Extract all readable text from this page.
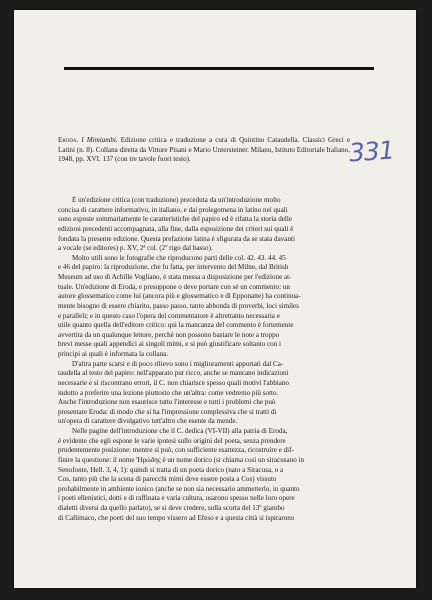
331
Eroda. I Mimiambi. Edizione critica e traduzione a cura di Quintino Cataudella. Classici Greci e Latini (n. 8). Collana diretta da Vittore Pisani e Mario Untersteiner. Milano, Istituto Editoriale Italiano, 1948, pp. XVI. 137 (con tre tavole fuori testo).
È un'edizione critica (con traduzione) preceduta da un'introduzione molto
concisa di carattere informativo, in italiano, e dai prolegomena in latino nei quali
sono esposte sommariamente le caratteristiche del papiro ed è rifatta la storia delle
edizioni precedenti accompagnata, alla fine, dalla esposizione dei criteri sui quali è
fondata la presente edizione. Questa prefazione latina è sfigurata da se stata davanti
a vocale (se editores) p. XV, 2ª col. (2º rigo dal basso).
Molto utili sono le fotografie che riproducono parti delle col. 42. 43. 44. 45
e 46 del papiro: la riproduzione, che fu fatta, per intervento del Milne, dal British
Museum ad uso di Achille Vogliano, è stata messa a disposizione per l'edizione at-
tuale. Un'edizione di Eroda, e presuppone o deve portare con sè un commento: un
autore glossematico come lui (ancora più e glossematico e di Epponatte) ha continua-
mente bisogno di essere chiarito, passo passo, tanto abbonda di proverbi, loci similes
e paralleli; e in questo caso l'opera del commentatore è altrettanto necessaria e
utile quanto quella dell'editore critico: qui la mancanza del commento è fortemente
avvertita da un qualunque lettore, perchè non possono bastare le note a troppo
brevi messe quali appendici ai singoli mimi, e si può giustificare soltanto con i
principi ai quali è informata la collana.
D'altra parte scarsi e di poco rilievo sono i miglioramenti apportati dal Ca-
taudella al testo del papiro: nell'apparato pur ricco, anche se mancano indicazioni
necessarie e si riscontrano errori, il C. non chiarisce spesso quali motivi l'abbiano
indotto a preferire una lezione piuttosto che un'altra: come vedremo più sotto.
Anche l'introduzione non esaurisce tutto l'interesse e tutti i problemi che può
presentare Eroda: di modo che si ha l'impressione complessiva che si tratti di
un'opera di carattere divulgativo tutt'altro che esente da mende.
Nelle pagine dell'introduzione che il C. dedica (VI-VII) alla patria di Eroda,
è evidente che egli espone le varie ipotesi sullo origini del poeta, senza prendere
prudentemente posizione: mentre si può, con sufficiente esattezza, ricostruire e dif-
finire la questione: il nome 'Ηρώδης è un nome dorico (si chiama così un siracusano in
Senofonte, Hell. 3, 4, 1): quindi si tratta di un poeta dorico (nato a Siracusa, o a
Cos, tanto più che la scena di parecchi mimi deve essere posta a Cos) vissuto
probabilmente in ambiente ionico (anche se non sia necessario ammetterlo, in quanto
i poeti ellenistici, dotti e di raffinata e varia cultura, usarono spesso nelle loro opere
dialetti diversi da quello parlato), se si deve credere, sulla scorta del 13º giambo
di Callimaco, che poeti del suo tempo vissero ad Efeso e a questa città si ispirarono
